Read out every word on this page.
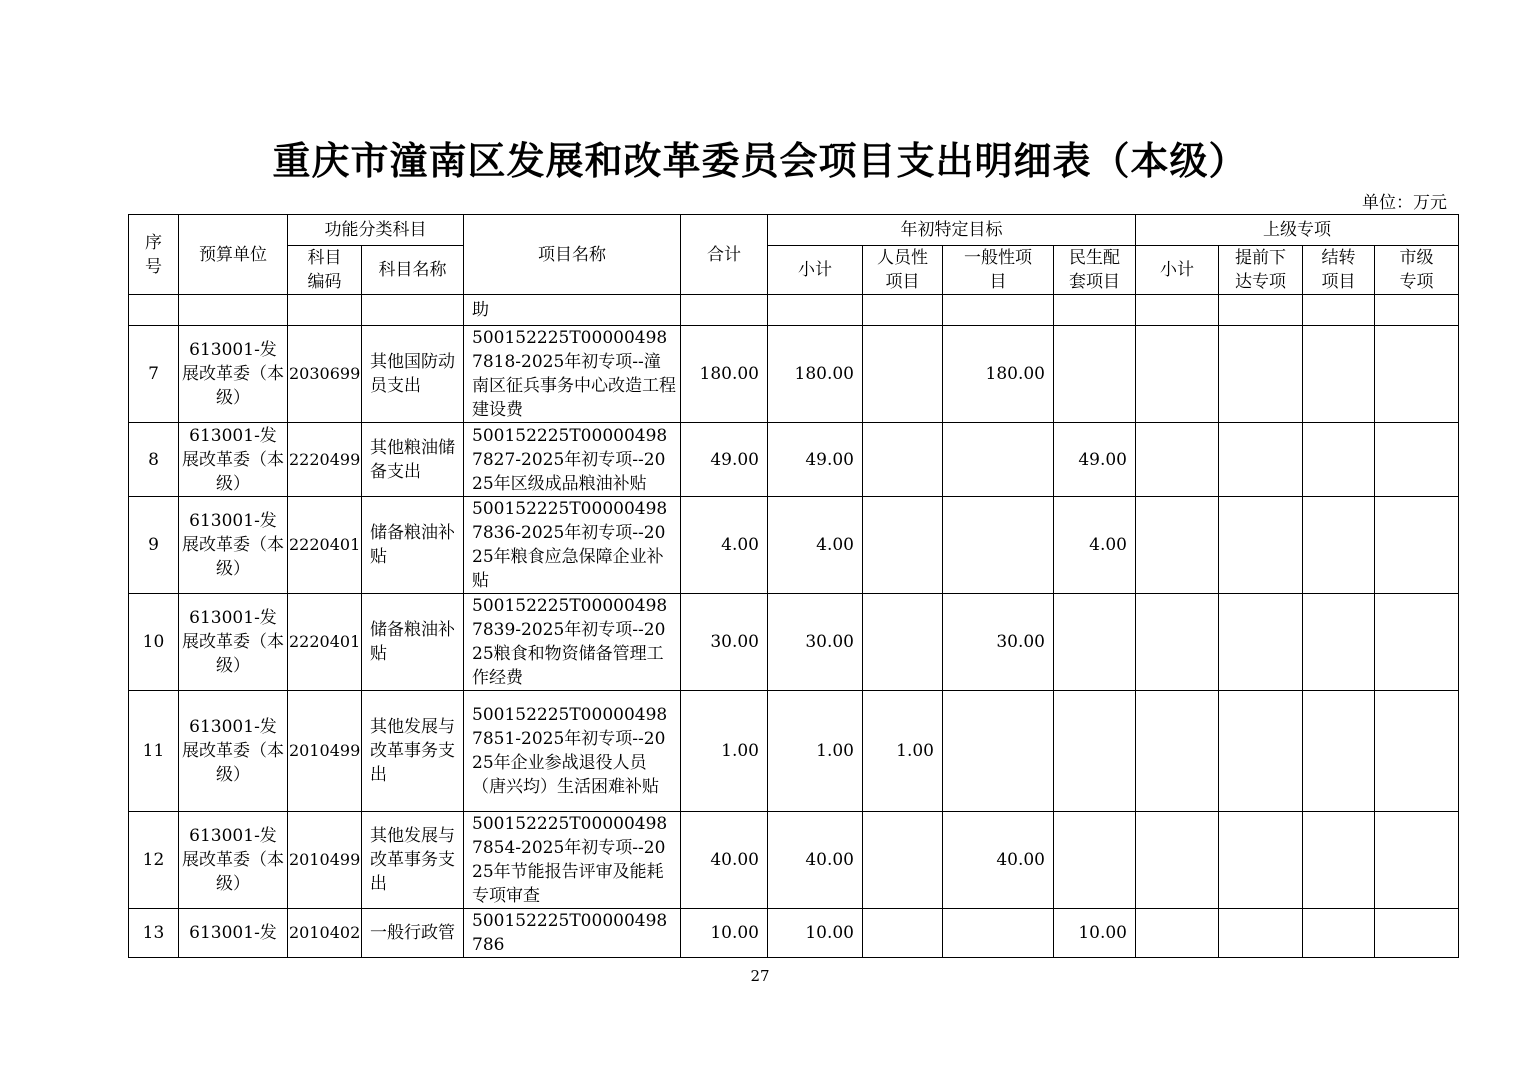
重庆市潼南区发展和改革委员会项目支出明细表（本级）
单位：万元
序号	预算单位	功能分类科目		项目名称	合计	年初特定目标				上级专项			
		科目编码	科目名称			小计	人员性项目	一般性项目	民生配套项目	小计	提前下达专项	结转项目	市级专项
				助									
7	613001-发展改革委（本级）	2030699	其他国防动员支出	500152225T000004987818-2025年初专项--潼南区征兵事务中心改造工程建设费	180.00	180.00		180.00					
8	613001-发展改革委（本级）	2220499	其他粮油储备支出	500152225T000004987827-2025年初专项--2025年区级成品粮油补贴	49.00	49.00			49.00				
9	613001-发展改革委（本级）	2220401	储备粮油补贴	500152225T000004987836-2025年初专项--2025年粮食应急保障企业补贴	4.00	4.00			4.00				
10	613001-发展改革委（本级）	2220401	储备粮油补贴	500152225T000004987839-2025年初专项--2025粮食和物资储备管理工作经费	30.00	30.00		30.00					
11	613001-发展改革委（本级）	2010499	其他发展与改革事务支出	500152225T000004987851-2025年初专项--2025年企业参战退役人员（唐兴均）生活困难补贴	1.00	1.00	1.00						
12	613001-发展改革委（本级）	2010499	其他发展与改革事务支出	500152225T000004987854-2025年初专项--2025年节能报告评审及能耗专项审查	40.00	40.00		40.00					
13	613001-发	2010402	一般行政管	500152225T00000498786	10.00	10.00			10.00				
27
